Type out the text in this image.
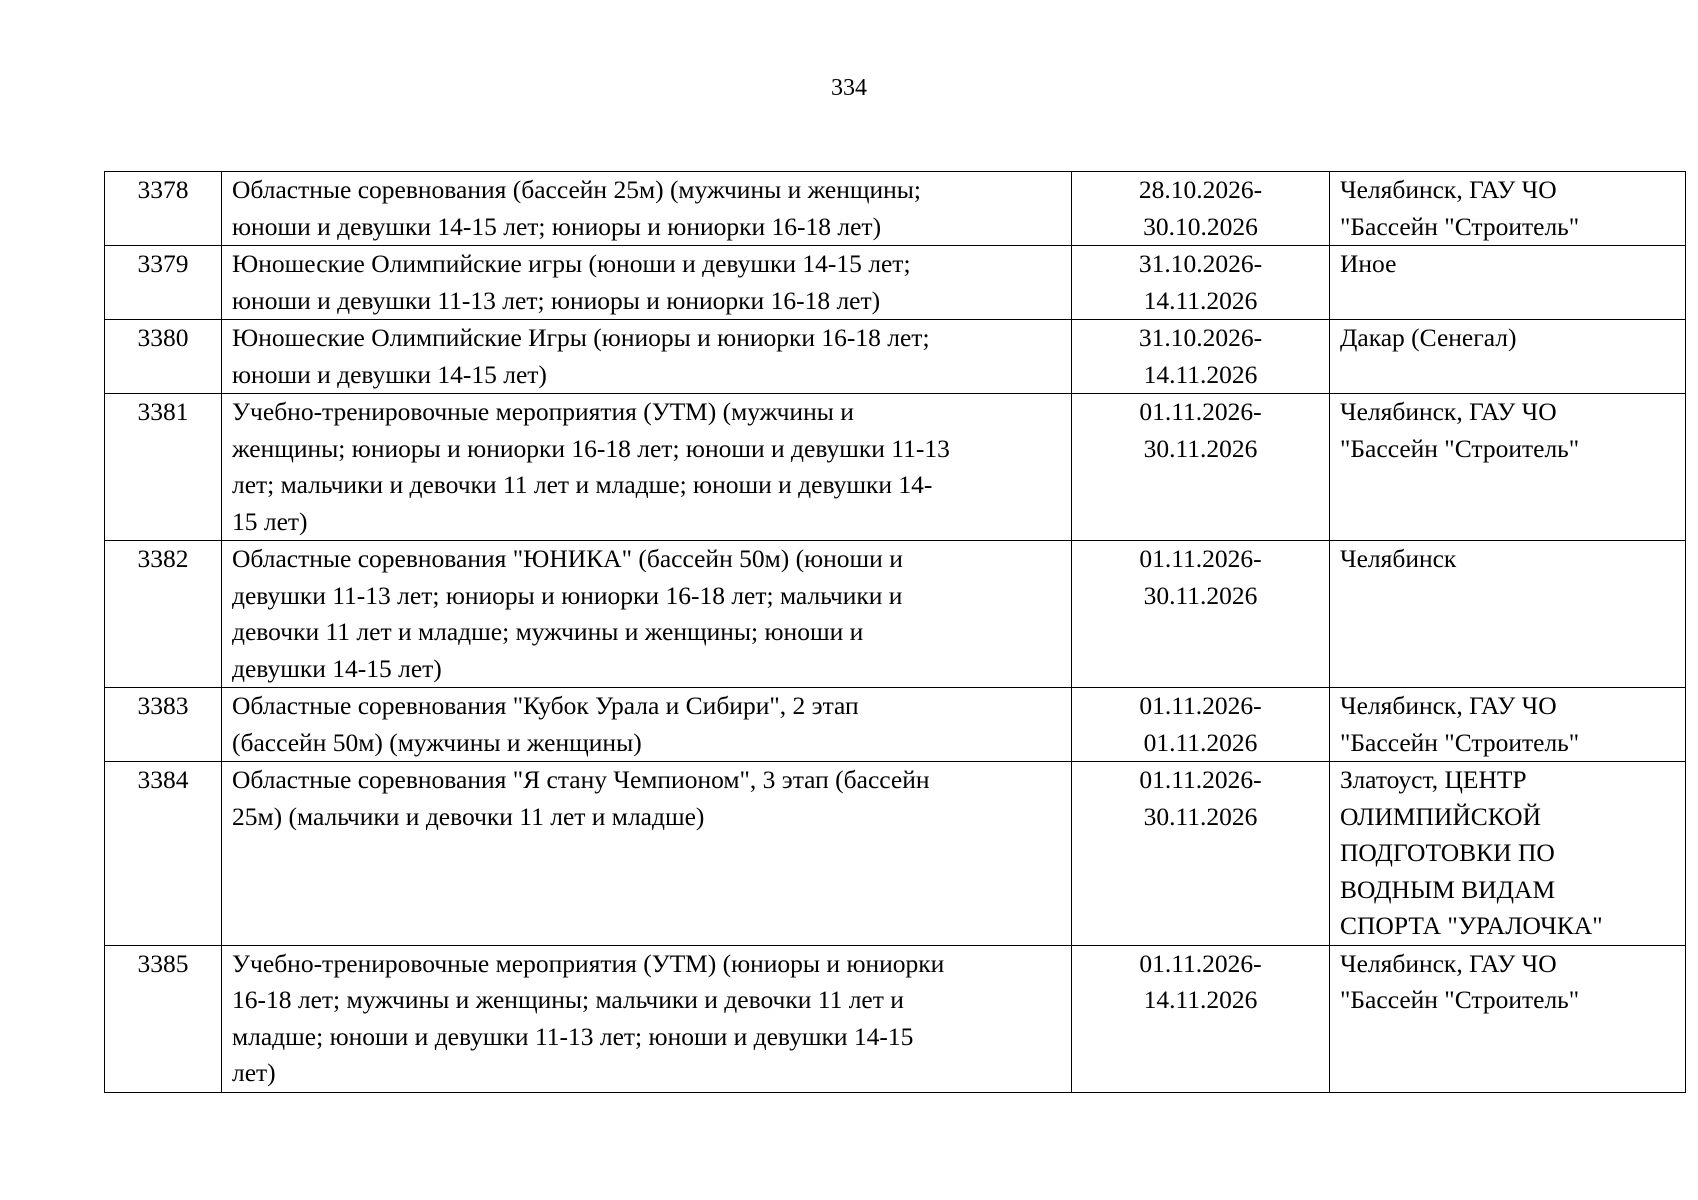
334
3378	Областные соревнования (бассейн 25м) (мужчины и женщины;
юноши и девушки 14-15 лет; юниоры и юниорки 16-18 лет)	28.10.2026-
30.10.2026	Челябинск, ГАУ ЧО
"Бассейн "Строитель"

3379	Юношеские Олимпийские игры (юноши и девушки 14-15 лет;
юноши и девушки 11-13 лет; юниоры и юниорки 16-18 лет)	31.10.2026-
14.11.2026	Иное

3380	Юношеские Олимпийские Игры (юниоры и юниорки 16-18 лет;
юноши и девушки 14-15 лет)	31.10.2026-
14.11.2026	Дакар (Сенегал)

3381	Учебно-тренировочные мероприятия (УТМ) (мужчины и
женщины; юниоры и юниорки 16-18 лет; юноши и девушки 11-13
лет; мальчики и девочки 11 лет и младше; юноши и девушки 14-
15 лет)	01.11.2026-
30.11.2026	Челябинск, ГАУ ЧО
"Бассейн "Строитель"

3382	Областные соревнования "ЮНИКА" (бассейн 50м) (юноши и
девушки 11-13 лет; юниоры и юниорки 16-18 лет; мальчики и
девочки 11 лет и младше; мужчины и женщины; юноши и
девушки 14-15 лет)	01.11.2026-
30.11.2026	Челябинск

3383	Областные соревнования "Кубок Урала и Сибири", 2 этап
(бассейн 50м) (мужчины и женщины)	01.11.2026-
01.11.2026	Челябинск, ГАУ ЧО
"Бассейн "Строитель"

3384	Областные соревнования "Я стану Чемпионом", 3 этап (бассейн
25м) (мальчики и девочки 11 лет и младше)	01.11.2026-
30.11.2026	Златоуст, ЦЕНТР
ОЛИМПИЙСКОЙ
ПОДГОТОВКИ ПО
ВОДНЫМ ВИДАМ
СПОРТА "УРАЛОЧКА"

3385	Учебно-тренировочные мероприятия (УТМ) (юниоры и юниорки
16-18 лет; мужчины и женщины; мальчики и девочки 11 лет и
младше; юноши и девушки 11-13 лет; юноши и девушки 14-15
лет)	01.11.2026-
14.11.2026	Челябинск, ГАУ ЧО
"Бассейн "Строитель"
